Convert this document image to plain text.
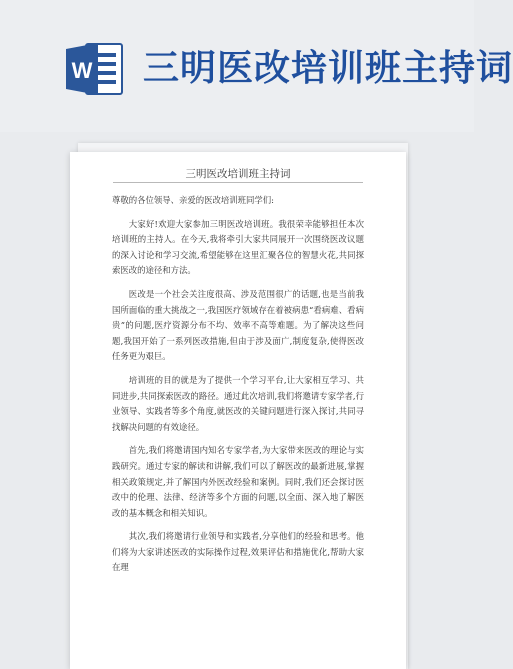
W 三明医改培训班主持词
三明医改培训班主持词

尊敬的各位领导、亲爱的医改培训班同学们:

大家好!欢迎大家参加三明医改培训班。我很荣幸能够担任本次培训班的主持人。在今天,我将牵引大家共同展开一次围绕医改议题的深入讨论和学习交流,希望能够在这里汇聚各位的智慧火花,共同探索医改的途径和方法。

医改是一个社会关注度很高、涉及范围很广的话题,也是当前我国所面临的重大挑战之一,我国医疗领域存在着被病患“看病难、看病贵”的问题,医疗资源分布不均、效率不高等难题。为了解决这些问题,我国开始了一系列医改措施,但由于涉及面广,制度复杂,使得医改任务更为艰巨。

培训班的目的就是为了提供一个学习平台,让大家相互学习、共同进步,共同探索医改的路径。通过此次培训,我们将邀请专家学者,行业领导、实践者等多个角度,就医改的关键问题进行深入探讨,共同寻找解决问题的有效途径。

首先,我们将邀请国内知名专家学者,为大家带来医改的理论与实践研究。通过专家的解读和讲解,我们可以了解医改的最新进展,掌握相关政策规定,并了解国内外医改经验和案例。同时,我们还会探讨医改中的伦理、法律、经济等多个方面的问题,以全面、深入地了解医改的基本概念和相关知识。

其次,我们将邀请行业领导和实践者,分享他们的经验和思考。他们将为大家讲述医改的实际操作过程,效果评估和措施优化,帮助大家在理
